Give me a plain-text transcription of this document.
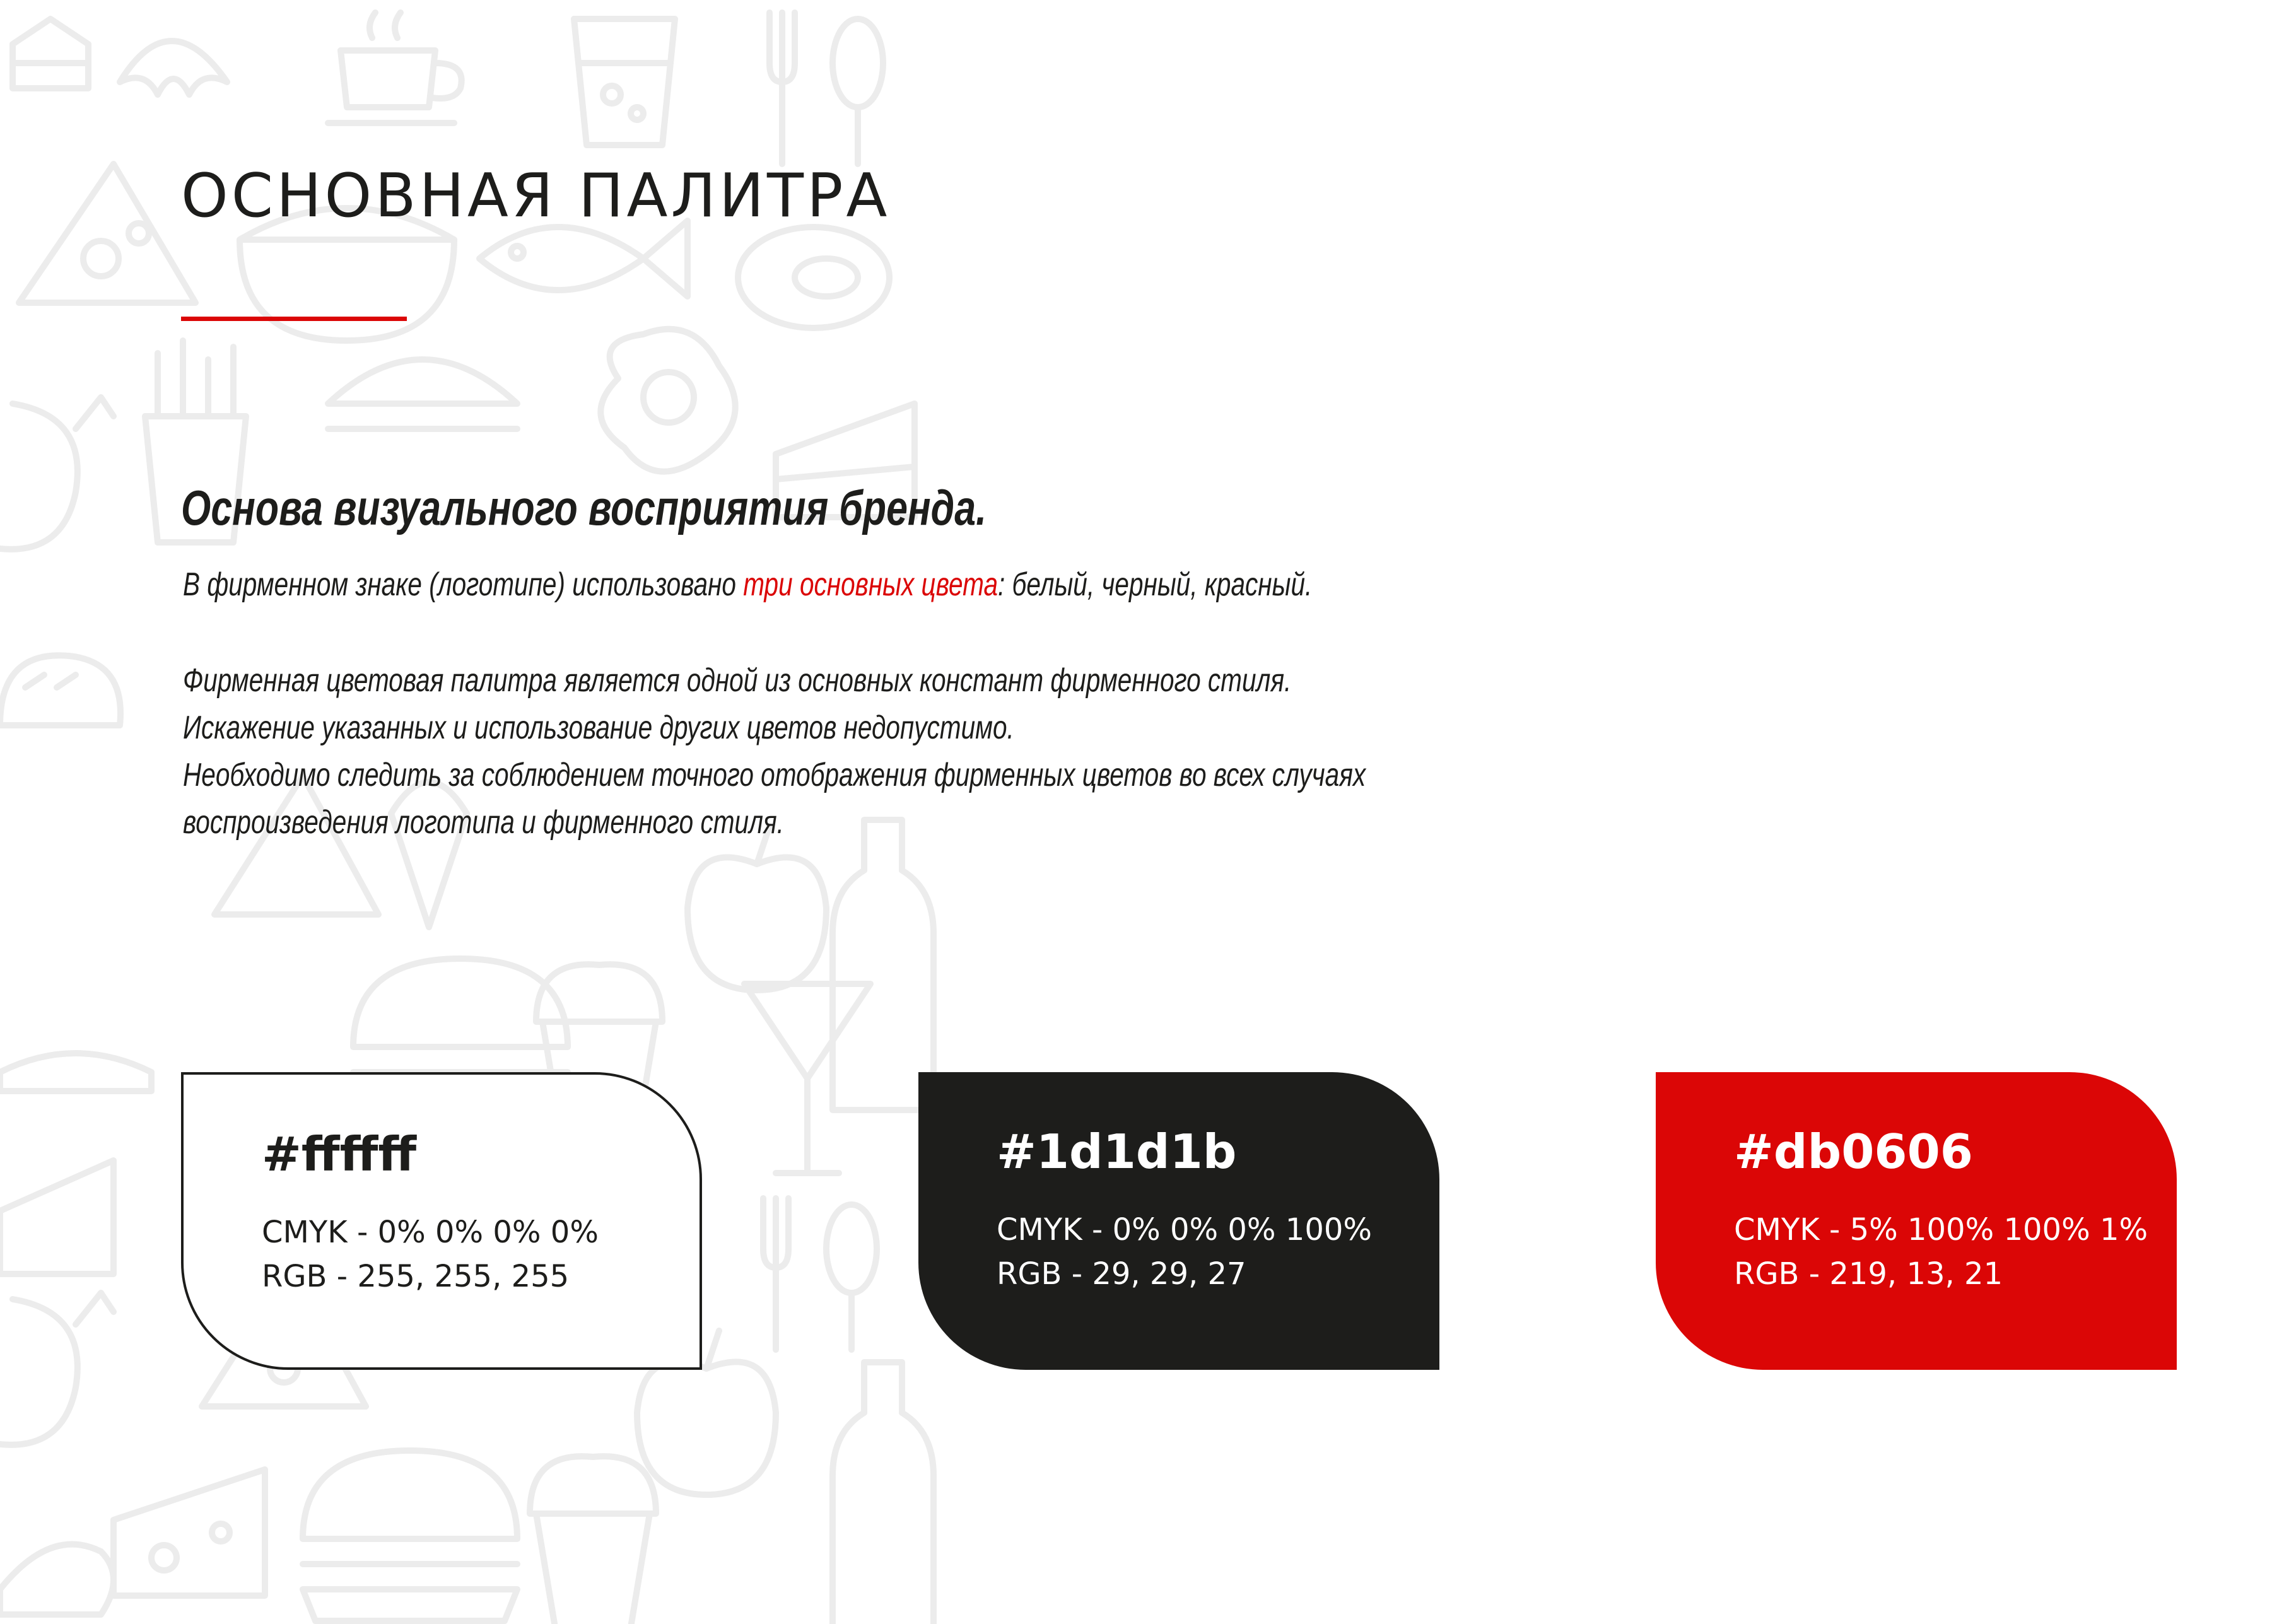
ОСНОВНАЯ ПАЛИТРА
Основа визуального восприятия бренда.

В фирменном знаке (логотипе) использовано три основных цвета: белый, черный, красный.

Фирменная цветовая палитра является одной из основных констант фирменного стиля.
Искажение указанных и использование других цветов недопустимо.
Необходимо следить за соблюдением точного отображения фирменных цветов во всех случаях
воспроизведения логотипа и фирменного стиля.

#ffffff

CMYK - 0% 0% 0% 0%

RGB - 255, 255, 255

#1d1d1b

CMYK - 0% 0% 0% 100%

RGB - 29, 29, 27

#db0606

CMYK - 5% 100% 100% 1%

RGB - 219, 13, 21
